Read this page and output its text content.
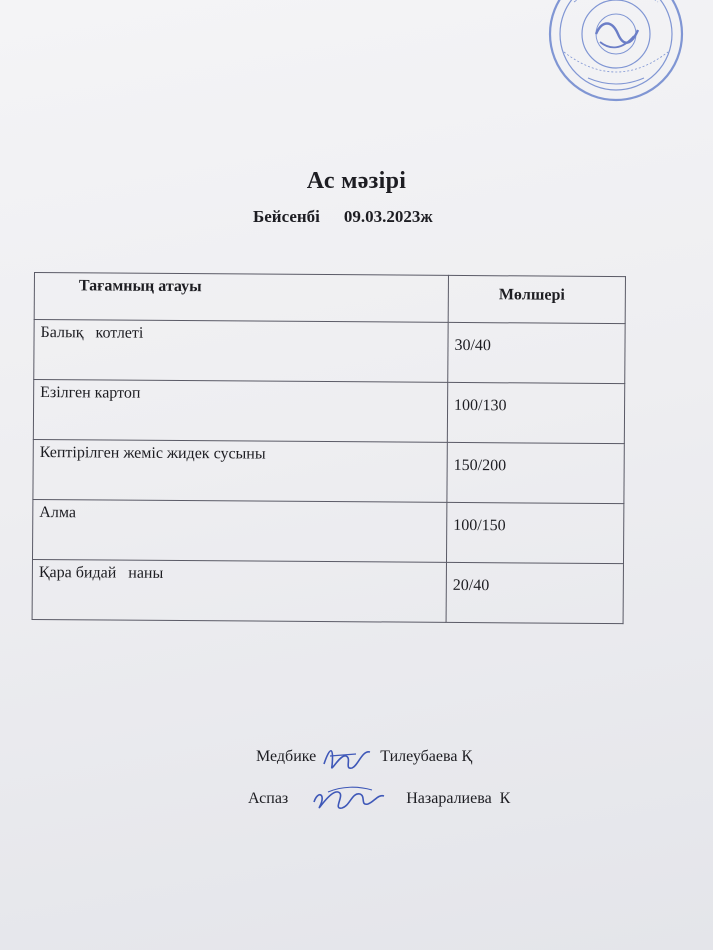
Ас мәзірі
Бейсенбі 09.03.2023ж
Тағамның атауы	Мөлшері
Балық   котлеті	30/40
Езілген картоп	100/130
Кептірілген жеміс жидек сусыны	150/200
Алма	100/150
Қара бидай   наны	20/40
Медбике	Тилеубаева Қ
Аспаз	Назаралиева  К
